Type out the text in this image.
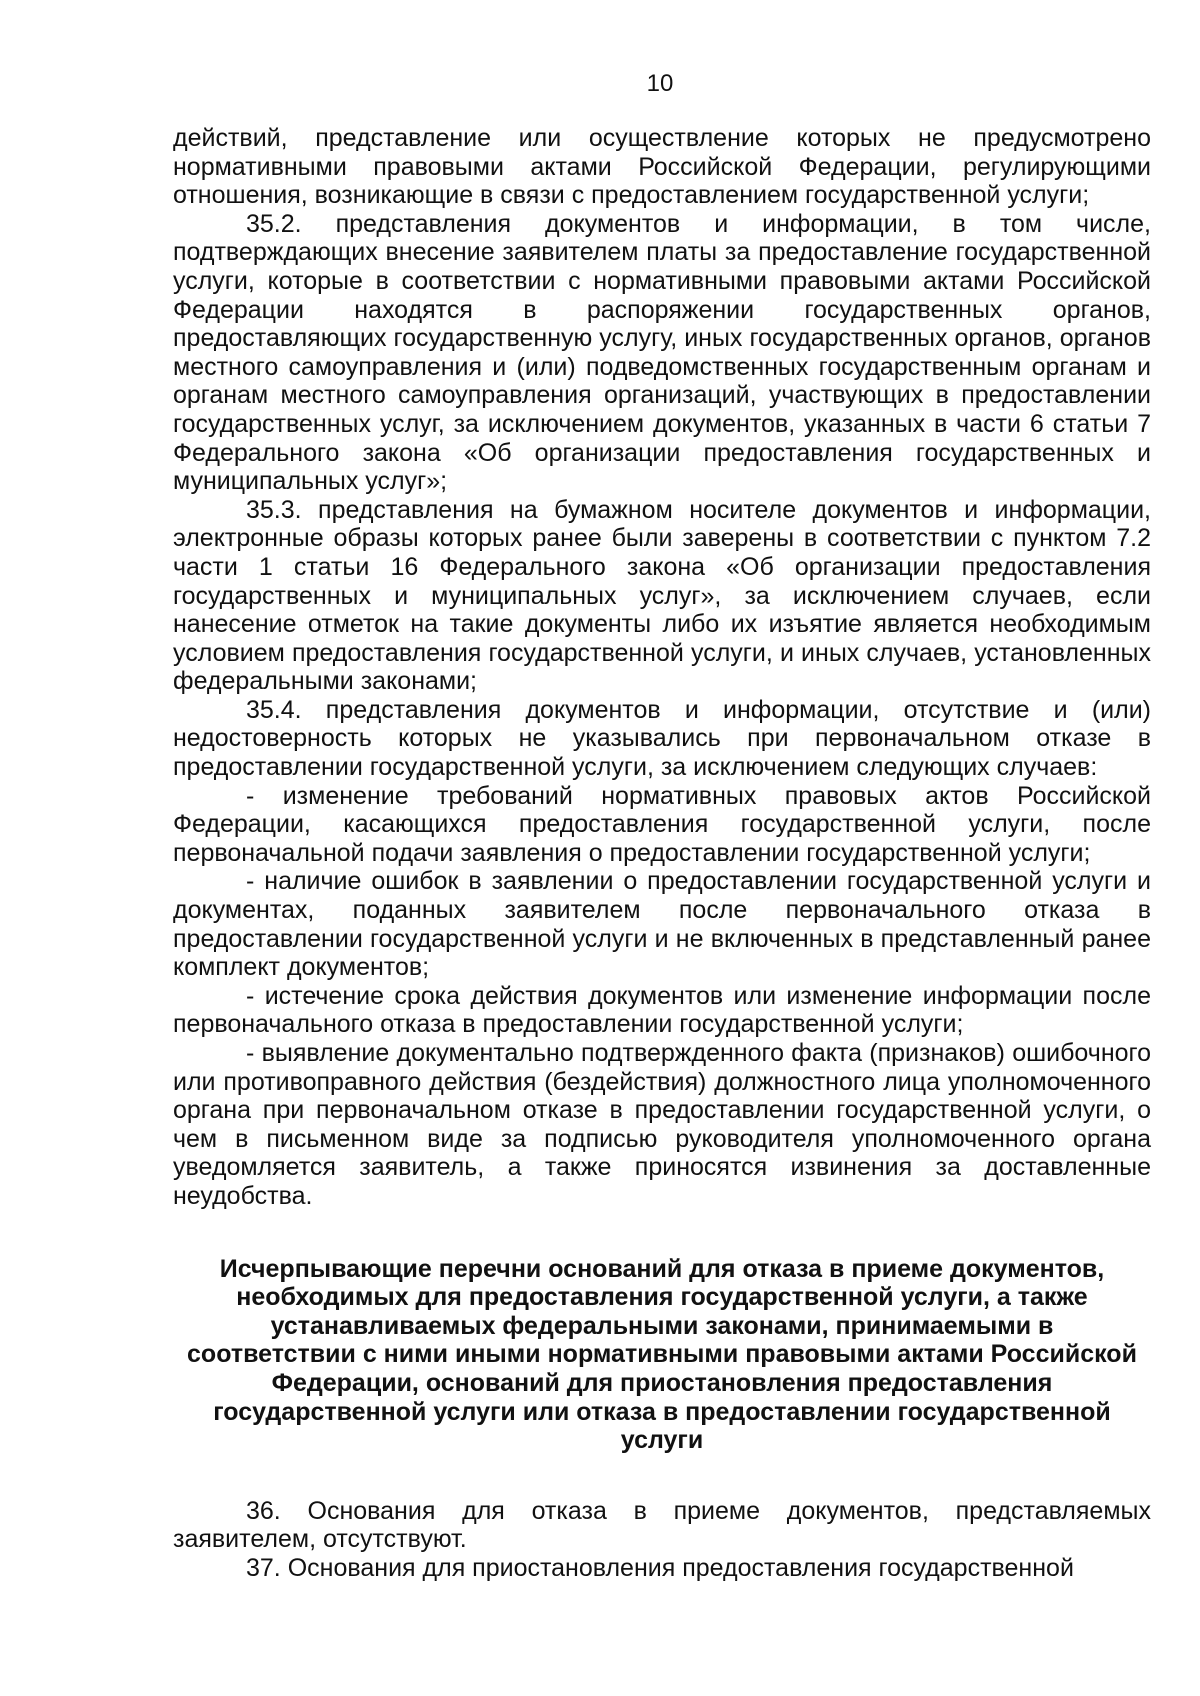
10

действий, представление или осуществление которых не предусмотрено нормативными правовыми актами Российской Федерации, регулирующими отношения, возникающие в связи с предоставлением государственной услуги;

35.2. представления документов и информации, в том числе, подтверждающих внесение заявителем платы за предоставление государственной услуги, которые в соответствии с нормативными правовыми актами Российской Федерации находятся в распоряжении государственных органов, предоставляющих государственную услугу, иных государственных органов, органов местного самоуправления и (или) подведомственных государственным органам и органам местного самоуправления организаций, участвующих в предоставлении государственных услуг, за исключением документов, указанных в части 6 статьи 7 Федерального закона «Об организации предоставления государственных и муниципальных услуг»;

35.3. представления на бумажном носителе документов и информации, электронные образы которых ранее были заверены в соответствии с пунктом 7.2 части 1 статьи 16 Федерального закона «Об организации предоставления государственных и муниципальных услуг», за исключением случаев, если нанесение отметок на такие документы либо их изъятие является необходимым условием предоставления государственной услуги, и иных случаев, установленных федеральными законами;

35.4. представления документов и информации, отсутствие и (или) недостоверность которых не указывались при первоначальном отказе в предоставлении государственной услуги, за исключением следующих случаев:

- изменение требований нормативных правовых актов Российской Федерации, касающихся предоставления государственной услуги, после первоначальной подачи заявления о предоставлении государственной услуги;

- наличие ошибок в заявлении о предоставлении государственной услуги и документах, поданных заявителем после первоначального отказа в предоставлении государственной услуги и не включенных в представленный ранее комплект документов;

- истечение срока действия документов или изменение информации после первоначального отказа в предоставлении государственной услуги;

- выявление документально подтвержденного факта (признаков) ошибочного или противоправного действия (бездействия) должностного лица уполномоченного органа при первоначальном отказе в предоставлении государственной услуги, о чем в письменном виде за подписью руководителя уполномоченного органа уведомляется заявитель, а также приносятся извинения за доставленные неудобства.

Исчерпывающие перечни оснований для отказа в приеме документов, необходимых для предоставления государственной услуги, а также устанавливаемых федеральными законами, принимаемыми в соответствии с ними иными нормативными правовыми актами Российской Федерации, оснований для приостановления предоставления государственной услуги или отказа в предоставлении государственной услуги

36. Основания для отказа в приеме документов, представляемых заявителем, отсутствуют.

37. Основания для приостановления предоставления государственной
